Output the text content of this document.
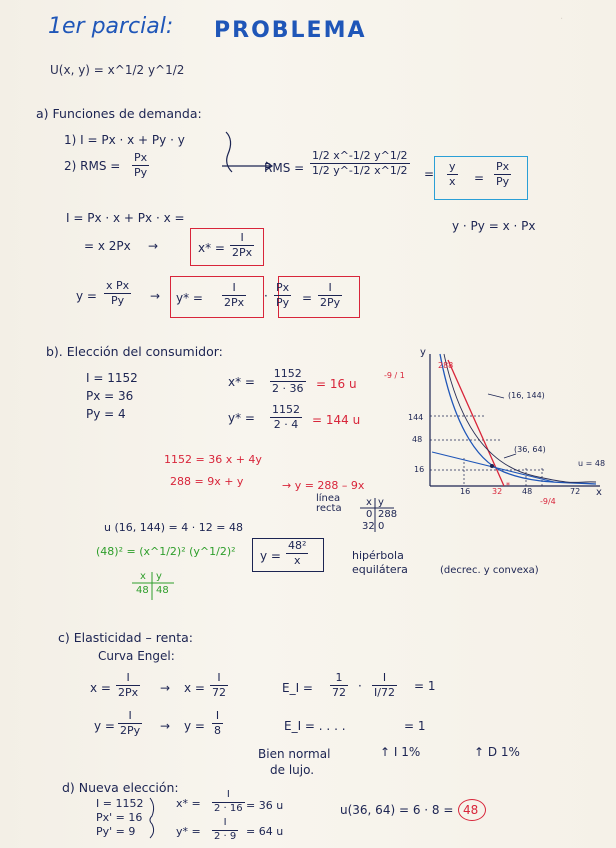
·
1er parcial: PROBLEMA
U(x, y) = x^1/2 y^1/2
a) Funciones de demanda:
1) I = Px · x + Py · y
2) RMS =
Px
Py	RMS =
1/2 x^-1/2 y^1/2
1/2 y^-1/2 x^1/2 =
y
x =
Px
Py
y · Py = x · Px
I = Px · x + Px · x =
= x 2Px →	x* =
I
2Px
y =
x Px
Py → y* =
I
2Px ·
Px
Py =
I
2Py
b). Elección del consumidor:
I = 1152
Px = 36
Py = 4
x* =
1152
2 · 36 = 16 u
y* =
1152
2 · 4 = 144 u
1152 = 36 x + 4y
288 = 9x + y	→ y = 288 – 9x
línea
recta
x y
0 288
32 0
u (16, 144) = 4 · 12 = 48
(48)² = (x^1/2)² (y^1/2)² y =
48²
x	hipérbola
equilátera	(decrec. y convexa)
x y
48 48
y
x
288
144
48
16
16	32 48	72
(16, 144)
(36, 64)
u = 48
-9 / 1
-9/4
*
c) Elasticidad – renta:
Curva Engel:
x =
I
2Px → x =
I
72	E_I =
1
72 ·
I
I/72 = 1
y =
I
2Py → y =
I
8	E_I = . . . .	= 1
Bien normal
de lujo.
↑ I 1%	↑ D 1%
d) Nueva elección:
I = 1152
Px' = 16
Py' = 9
x* =
I
2 · 16 = 36 u
y* =
I
2 · 9 = 64 u
u(36, 64) = 6 · 8 = 48
